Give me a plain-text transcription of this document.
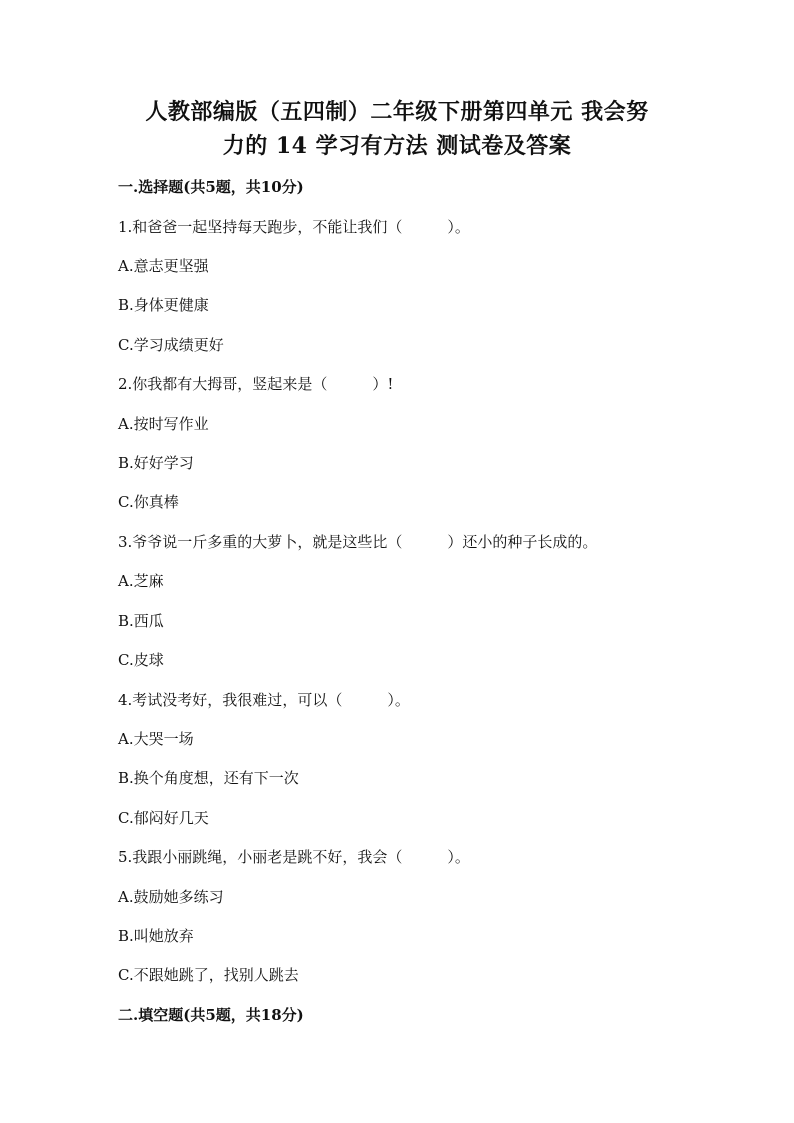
人教部编版（五四制）二年级下册第四单元 我会努
力的 14 学习有方法 测试卷及答案
一.选择题(共5题，共10分)
1.和爸爸一起坚持每天跑步，不能让我们（　　　）。
A.意志更坚强
B.身体更健康
C.学习成绩更好
2.你我都有大拇哥，竖起来是（　　　）!
A.按时写作业
B.好好学习
C.你真棒
3.爷爷说一斤多重的大萝卜，就是这些比（　　　）还小的种子长成的。
A.芝麻
B.西瓜
C.皮球
4.考试没考好，我很难过，可以（　　　）。
A.大哭一场
B.换个角度想，还有下一次
C.郁闷好几天
5.我跟小丽跳绳，小丽老是跳不好，我会（　　　）。
A.鼓励她多练习
B.叫她放弃
C.不跟她跳了，找别人跳去
二.填空题(共5题，共18分)
